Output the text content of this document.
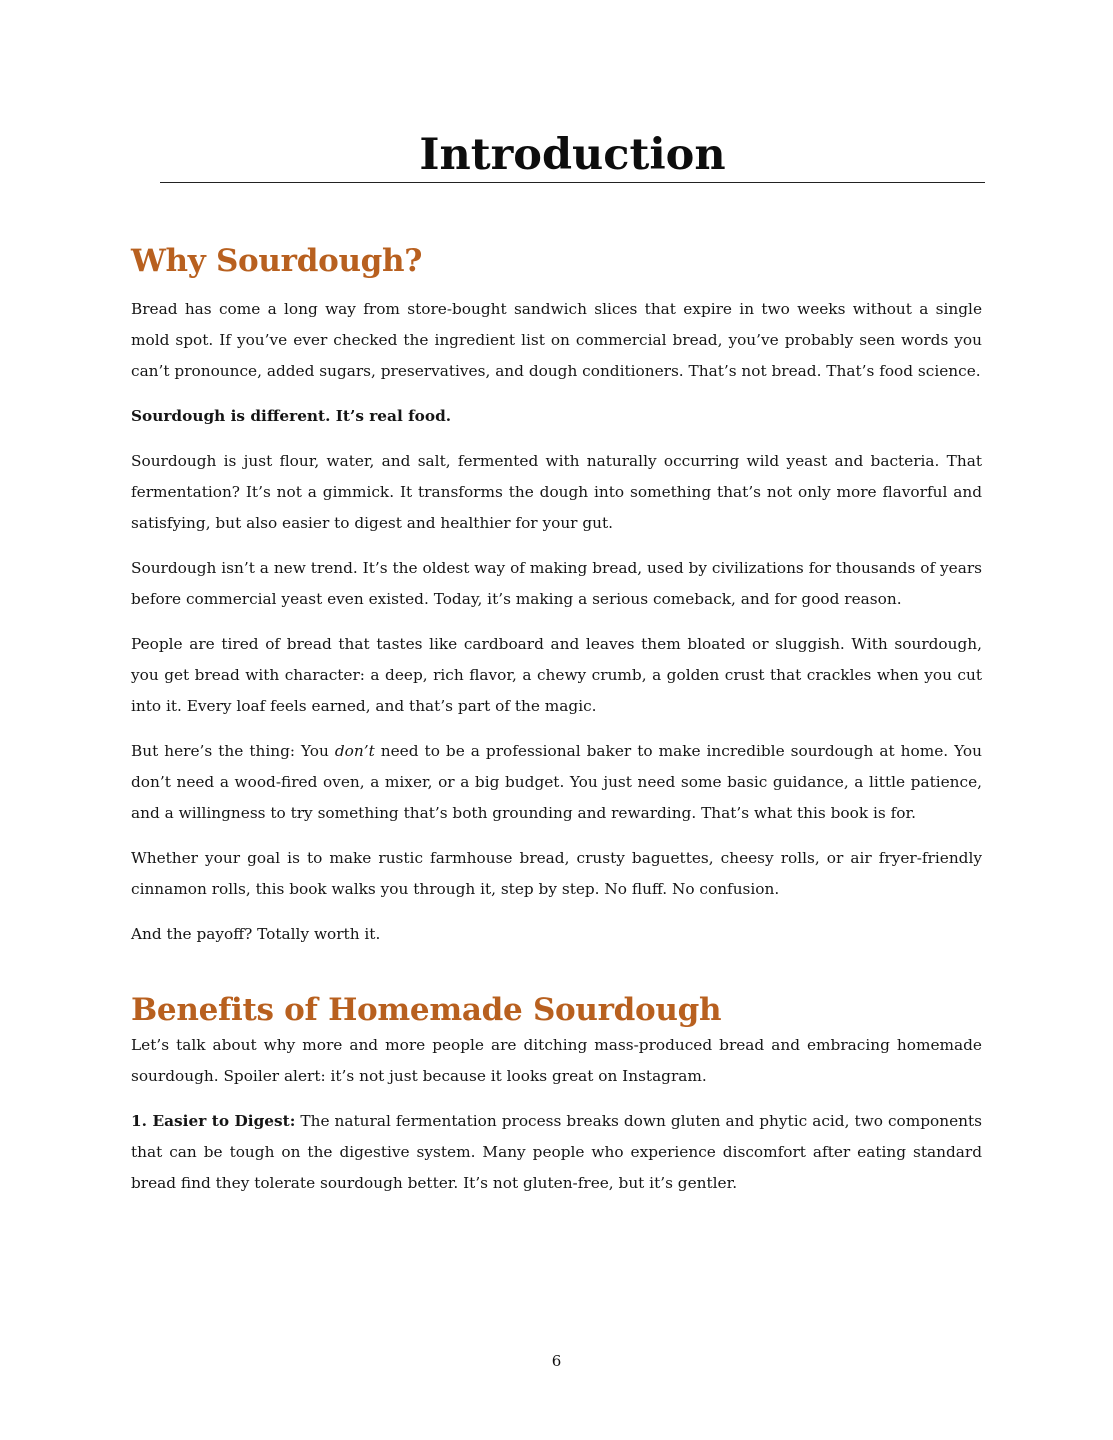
Introduction
Why Sourdough?

Bread has come a long way from store-bought sandwich slices that expire in two weeks without a single mold spot. If you’ve ever checked the ingredient list on commercial bread, you’ve probably seen words you can’t pronounce, added sugars, preservatives, and dough conditioners. That’s not bread. That’s food science.

Sourdough is different. It’s real food.

Sourdough is just flour, water, and salt, fermented with naturally occurring wild yeast and bacteria. That fermentation? It’s not a gimmick. It transforms the dough into something that’s not only more flavorful and satisfying, but also easier to digest and healthier for your gut.

Sourdough isn’t a new trend. It’s the oldest way of making bread, used by civilizations for thousands of years before commercial yeast even existed. Today, it’s making a serious comeback, and for good reason.

People are tired of bread that tastes like cardboard and leaves them bloated or sluggish. With sourdough, you get bread with character: a deep, rich flavor, a chewy crumb, a golden crust that crackles when you cut into it. Every loaf feels earned, and that’s part of the magic.

But here’s the thing: You don’t need to be a professional baker to make incredible sourdough at home. You don’t need a wood-fired oven, a mixer, or a big budget. You just need some basic guidance, a little patience, and a willingness to try something that’s both grounding and rewarding. That’s what this book is for.

Whether your goal is to make rustic farmhouse bread, crusty baguettes, cheesy rolls, or air fryer-friendly cinnamon rolls, this book walks you through it, step by step. No fluff. No confusion.

And the payoff? Totally worth it.

Benefits of Homemade Sourdough

Let’s talk about why more and more people are ditching mass-produced bread and embracing homemade sourdough. Spoiler alert: it’s not just because it looks great on Instagram.

1. Easier to Digest: The natural fermentation process breaks down gluten and phytic acid, two components that can be tough on the digestive system. Many people who experience discomfort after eating standard bread find they tolerate sourdough better. It’s not gluten-free, but it’s gentler.

6
